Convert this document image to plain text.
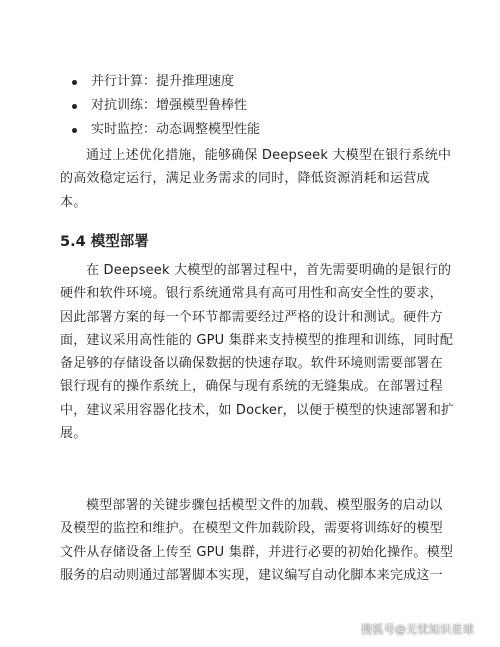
并行计算：提升推理速度
对抗训练：增强模型鲁棒性
实时监控：动态调整模型性能
通过上述优化措施，能够确保 Deepseek 大模型在银行系统中
的高效稳定运行，满足业务需求的同时，降低资源消耗和运营成
本。
5.4 模型部署
在 Deepseek 大模型的部署过程中，首先需要明确的是银行的
硬件和软件环境。银行系统通常具有高可用性和高安全性的要求，
因此部署方案的每一个环节都需要经过严格的设计和测试。硬件方
面，建议采用高性能的 GPU 集群来支持模型的推理和训练，同时配
备足够的存储设备以确保数据的快速存取。软件环境则需要部署在
银行现有的操作系统上，确保与现有系统的无缝集成。在部署过程
中，建议采用容器化技术，如 Docker，以便于模型的快速部署和扩
展。
模型部署的关键步骤包括模型文件的加载、模型服务的启动以
及模型的监控和维护。在模型文件加载阶段，需要将训练好的模型
文件从存储设备上传至 GPU 集群，并进行必要的初始化操作。模型
服务的启动则通过部署脚本实现，建议编写自动化脚本来完成这一
搜狐号@无忧知识星球
